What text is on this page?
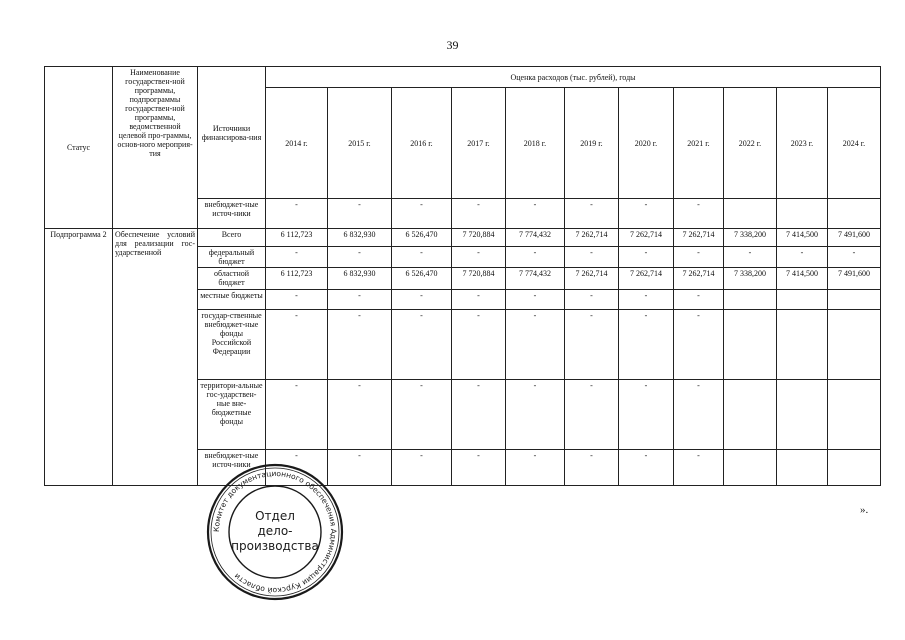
39
Статус	Наименование государствен-ной программы, подпрограммы государствен-ной программы, ведомственной целевой про-граммы, основ-ного мероприя-тия	Источники финансирова-ния	Оценка расходов (тыс. рублей), годы										
			2014 г.	2015 г.	2016 г.	2017 г.	2018 г.	2019 г.	2020 г.	2021 г.	2022 г.	2023 г.	2024 г.
		внебюджет-ные источ-ники	-	-	-	-	-	-	-	-			
Подпрограмма 2	Обеспечение условий для реализации гос-ударственной	Всего	6 112,723	6 832,930	6 526,470	7 720,884	7 774,432	7 262,714	7 262,714	7 262,714	7 338,200	7 414,500	7 491,600
		федеральный бюджет	-	-	-	-	-	-	-	-	-	-	-
		областной бюджет	6 112,723	6 832,930	6 526,470	7 720,884	7 774,432	7 262,714	7 262,714	7 262,714	7 338,200	7 414,500	7 491,600
		местные бюджеты	-	-	-	-	-	-	-	-			
		государ-ственные внебюджет-ные фонды Российской Федерации	-	-	-	-	-	-	-	-			
		территори-альные гос-ударствен-ные вне-бюджетные фонды	-	-	-	-	-	-	-	-			
		внебюджет-ные источ-ники	-	-	-	-	-	-	-	-			
».
Комитет документационного обеспечения Администрации Курской области
Отдел
дело-
производства
